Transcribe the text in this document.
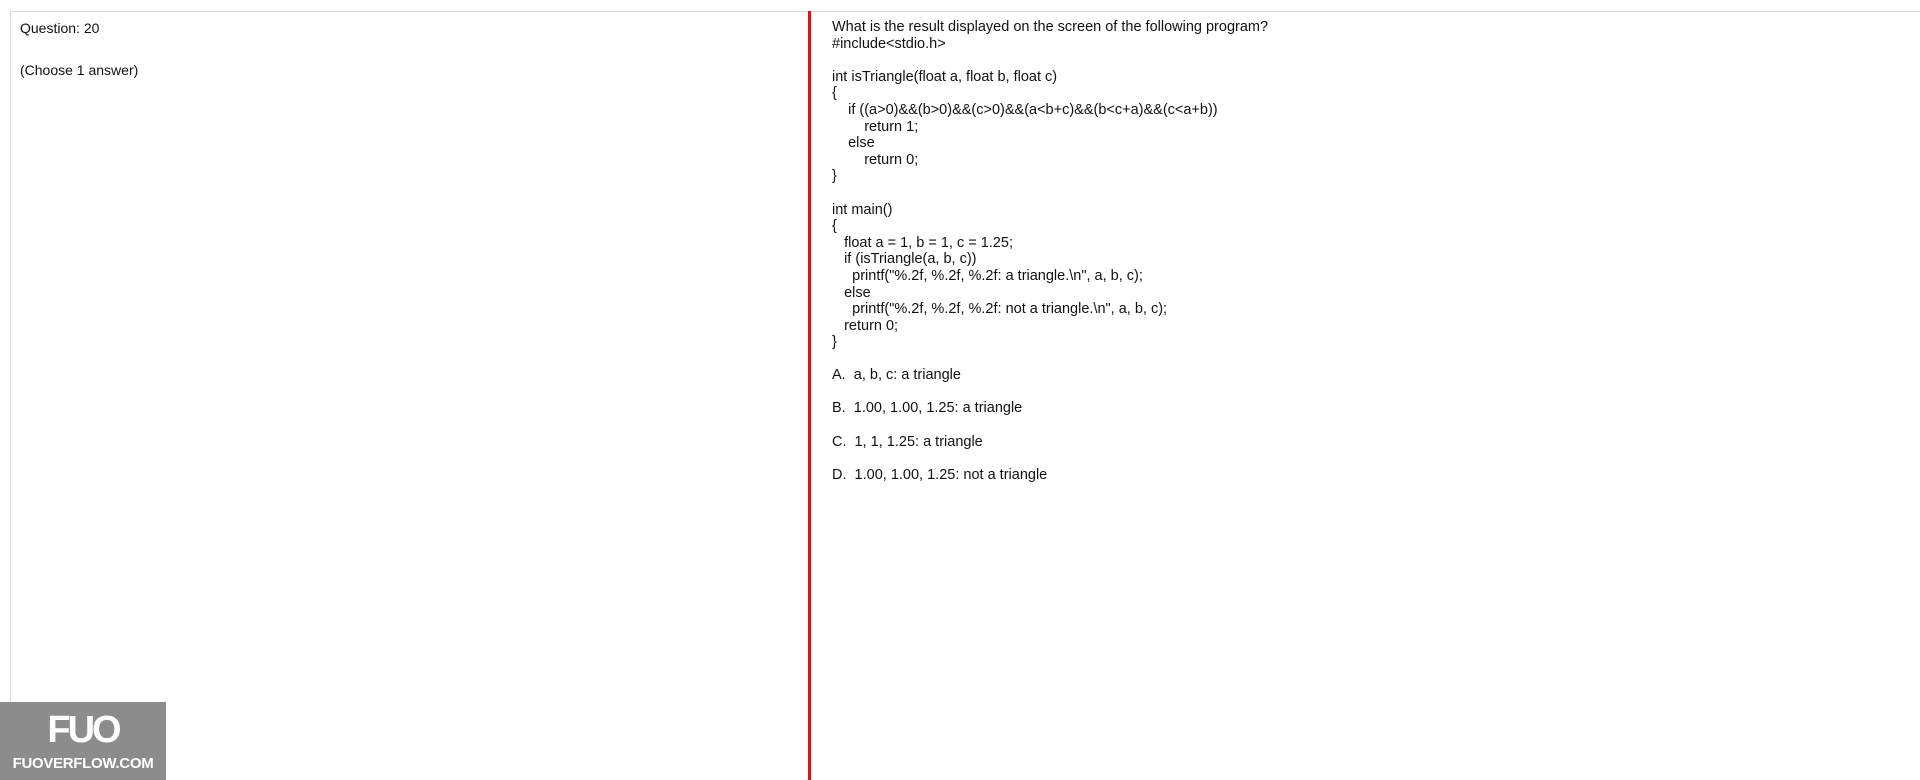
Question: 20
(Choose 1 answer)
What is the result displayed on the screen of the following program?
#include<stdio.h>

int isTriangle(float a, float b, float c)
{
if ((a>0)&&(b>0)&&(c>0)&&(a<b+c)&&(b<c+a)&&(c<a+b))
return 1;
else
return 0;
}

int main()
{
float a = 1, b = 1, c = 1.25;
if (isTriangle(a, b, c))
printf("%.2f, %.2f, %.2f: a triangle.\n", a, b, c);
else
printf("%.2f, %.2f, %.2f: not a triangle.\n", a, b, c);
return 0;
}
A.  a, b, c: a triangle
B.  1.00, 1.00, 1.25: a triangle
C.  1, 1, 1.25: a triangle
D.  1.00, 1.00, 1.25: not a triangle
FUO
FUOVERFLOW.COM
